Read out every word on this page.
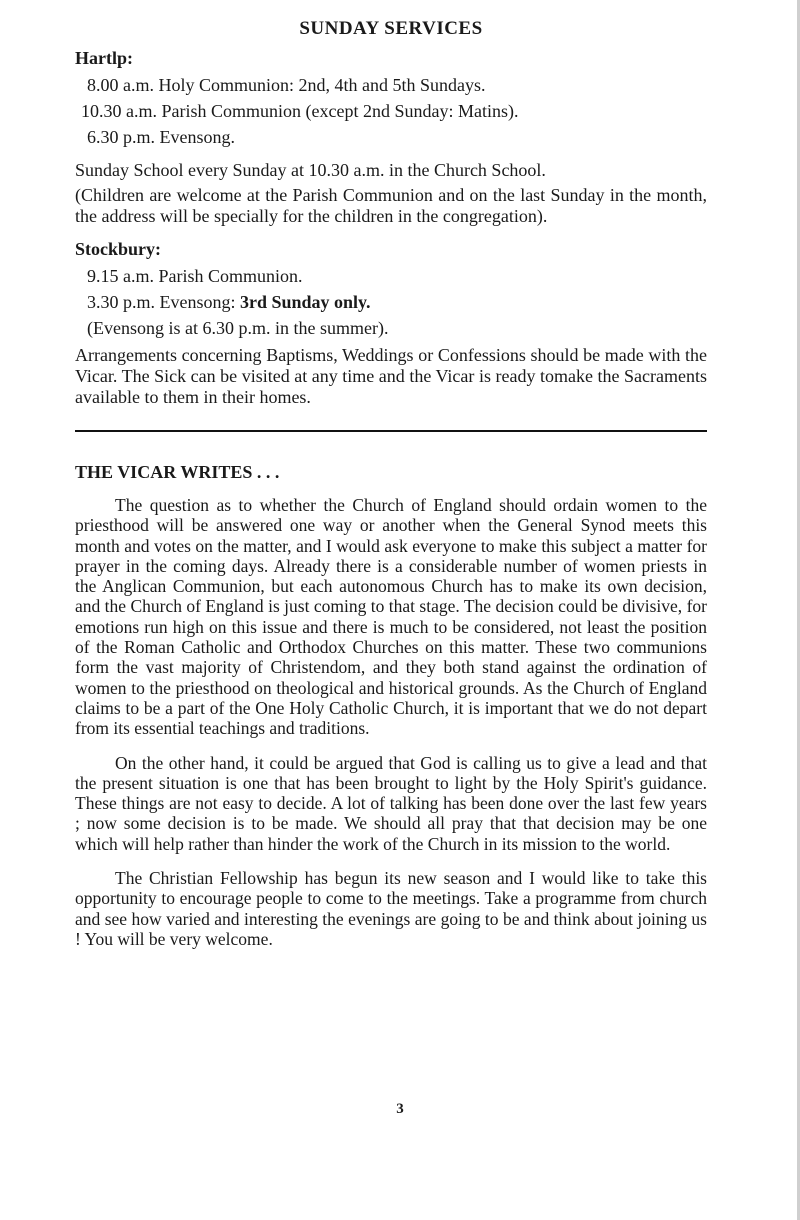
SUNDAY SERVICES
Hartlp:
8.00 a.m. Holy Communion: 2nd, 4th and 5th Sundays.
10.30 a.m. Parish Communion (except 2nd Sunday: Matins).
6.30 p.m. Evensong.

Sunday School every Sunday at 10.30 a.m. in the Church School.

(Children are welcome at the Parish Communion and on the last Sunday in the month, the address will be specially for the children in the congregation).

Stockbury:
9.15 a.m. Parish Communion.
3.30 p.m. Evensong: 3rd Sunday only.
(Evensong is at 6.30 p.m. in the summer).

Arrangements concerning Baptisms, Weddings or Confessions should be made with the Vicar. The Sick can be visited at any time and the Vicar is ready tomake the Sacraments available to them in their homes.

THE VICAR WRITES . . .

The question as to whether the Church of England should ordain women to the priesthood will be answered one way or another when the General Synod meets this month and votes on the matter, and I would ask everyone to make this subject a matter for prayer in the coming days. Already there is a considerable number of women priests in the Anglican Communion, but each autonomous Church has to make its own decision, and the Church of England is just coming to that stage. The decision could be divisive, for emotions run high on this issue and there is much to be considered, not least the position of the Roman Catholic and Orthodox Churches on this matter. These two communions form the vast majority of Christendom, and they both stand against the ordination of women to the priesthood on theological and historical grounds. As the Church of England claims to be a part of the One Holy Catholic Church, it is important that we do not depart from its essential teachings and traditions.

On the other hand, it could be argued that God is calling us to give a lead and that the present situation is one that has been brought to light by the Holy Spirit's guidance. These things are not easy to decide. A lot of talking has been done over the last few years ; now some decision is to be made. We should all pray that that decision may be one which will help rather than hinder the work of the Church in its mission to the world.

The Christian Fellowship has begun its new season and I would like to take this opportunity to encourage people to come to the meetings. Take a programme from church and see how varied and interesting the evenings are going to be and think about joining us ! You will be very welcome.

3
